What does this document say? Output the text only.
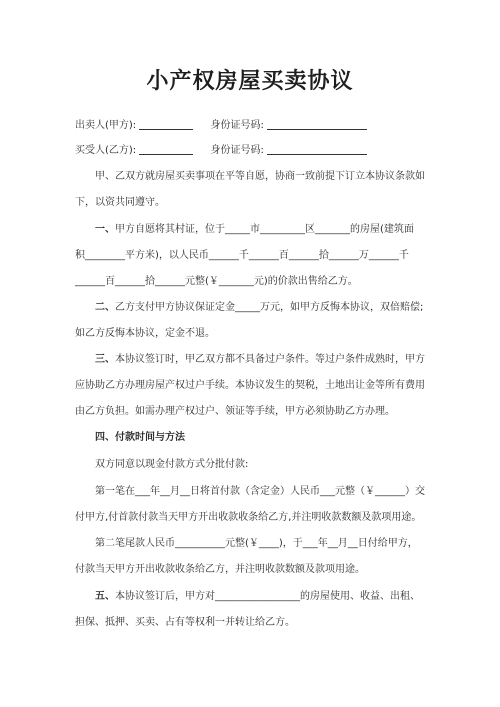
小产权房屋买卖协议
出卖人(甲方):	身份证号码:
买受人(乙方):	身份证号码:
甲、乙双方就房屋买卖事项在平等自愿，协商一致前提下订立本协议条款如
下，以资共同遵守。
一、甲方自愿将其村证，位于_____市_________区_______的房屋(建筑面
积________平方米)，以人民币______千______百______拾______万______千
______百______拾______元整(￥_______元)的价款出售给乙方。
二、乙方支付甲方协议保证定金_____万元，如甲方反悔本协议，双倍赔偿;
如乙方反悔本协议，定金不退。
三、本协议签订时，甲乙双方都不具备过户条件。等过户条件成熟时，甲方
应协助乙方办理房屋产权过户手续。本协议发生的契税，土地出让金等所有费用
由乙方负担。如需办理产权过户、领证等手续，甲方必须协助乙方办理。
四、付款时间与方法
双方同意以现金付款方式分批付款:
第一笔在___年__月__日将首付款（含定金）人民币___元整（￥______）交
付甲方,付首款付款当天甲方开出收款收条给乙方,并注明收款数额及款项用途。
第二笔尾款人民币__________元整(￥____)，于___年__月__日付给甲方，
付款当天甲方开出收款收条给乙方，并注明收款数额及款项用途。
五、本协议签订后，甲方对_________________的房屋使用、收益、出租、
担保、抵押、买卖、占有等权利一并转让给乙方。
